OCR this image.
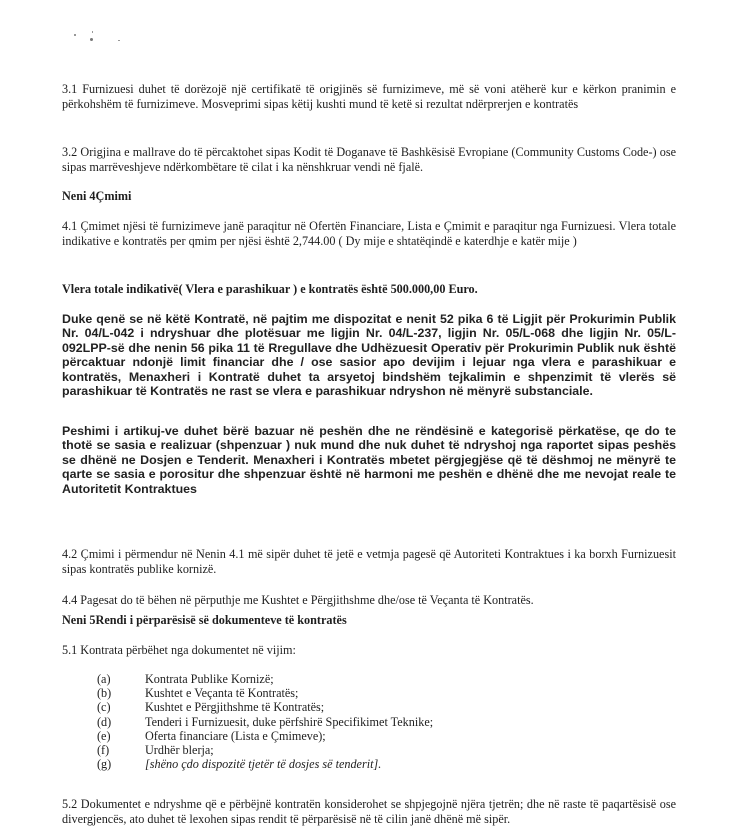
3.1 Furnizuesi duhet të dorëzojë një certifikatë të origjinës së furnizimeve, më së voni atëherë kur e kërkon pranimin e përkohshëm të furnizimeve. Mosveprimi sipas këtij kushti mund të ketë si rezultat ndërprerjen e kontratës

3.2 Origjina e mallrave do të përcaktohet sipas Kodit të Doganave të Bashkësisë Evropiane (Community Customs Code-) ose sipas marrëveshjeve ndërkombëtare të cilat i ka nënshkruar vendi në fjalë.

Neni 4Çmimi

4.1 Çmimet njësi të furnizimeve janë paraqitur në Ofertën Financiare, Lista e Çmimit e paraqitur nga Furnizuesi. Vlera totale indikative e kontratës per qmim per njësi është 2,744.00 ( Dy mije e shtatëqindë e katerdhje e katër mije )

Vlera totale indikativë( Vlera e parashikuar ) e kontratës është 500.000,00 Euro.

Duke qenë se në këtë Kontratë, në pajtim me dispozitat e nenit 52 pika 6 të Ligjit për Prokurimin Publik Nr. 04/L-042 i ndryshuar dhe plotësuar me ligjin Nr. 04/L-237, ligjin Nr. 05/L-068 dhe ligjin Nr. 05/L-092LPP-së dhe nenin 56 pika 11 të Rregullave dhe Udhëzuesit Operativ për Prokurimin Publik nuk është përcaktuar ndonjë limit financiar dhe / ose sasior apo devijim i lejuar nga vlera e parashikuar e kontratës, Menaxheri i Kontratë duhet ta arsyetoj bindshëm tejkalimin e shpenzimit të vlerës së parashikuar të Kontratës ne rast se vlera e parashikuar ndryshon në mënyrë substanciale.

Peshimi i artikuj-ve duhet bërë bazuar në peshën dhe ne rëndësinë e kategorisë përkatëse, qe do te thotë se sasia e realizuar (shpenzuar ) nuk mund dhe nuk duhet të ndryshoj nga raportet sipas peshës se dhënë ne Dosjen e Tenderit. Menaxheri i Kontratës mbetet përgjegjëse që të dëshmoj ne mënyrë te qarte se sasia e porositur dhe shpenzuar është në harmoni me peshën e dhënë dhe me nevojat reale te Autoritetit Kontraktues

4.2 Çmimi i përmendur në Nenin 4.1 më sipër duhet të jetë e vetmja pagesë që Autoriteti Kontraktues i ka borxh Furnizuesit sipas kontratës publike kornizë.

4.4 Pagesat do të bëhen në përputhje me Kushtet e Përgjithshme dhe/ose të Veçanta të Kontratës.

Neni 5Rendi i përparësisë së dokumenteve të kontratës

5.1 Kontrata përbëhet nga dokumentet në vijim:

(a)	Kontrata Publike Kornizë;
(b)	Kushtet e Veçanta të Kontratës;
(c)	Kushtet e Përgjithshme të Kontratës;
(d)	Tenderi i Furnizuesit, duke përfshirë Specifikimet Teknike;
(e)	Oferta financiare (Lista e Çmimeve);
(f)	Urdhër blerja;
(g)	[shëno çdo dispozitë tjetër të dosjes së tenderit].

5.2 Dokumentet e ndryshme që e përbëjnë kontratën konsiderohet se shpjegojnë njëra tjetrën; dhe në raste të paqartësisë ose divergjencës, ato duhet të lexohen sipas rendit të përparësisë në të cilin janë dhënë më sipër.
